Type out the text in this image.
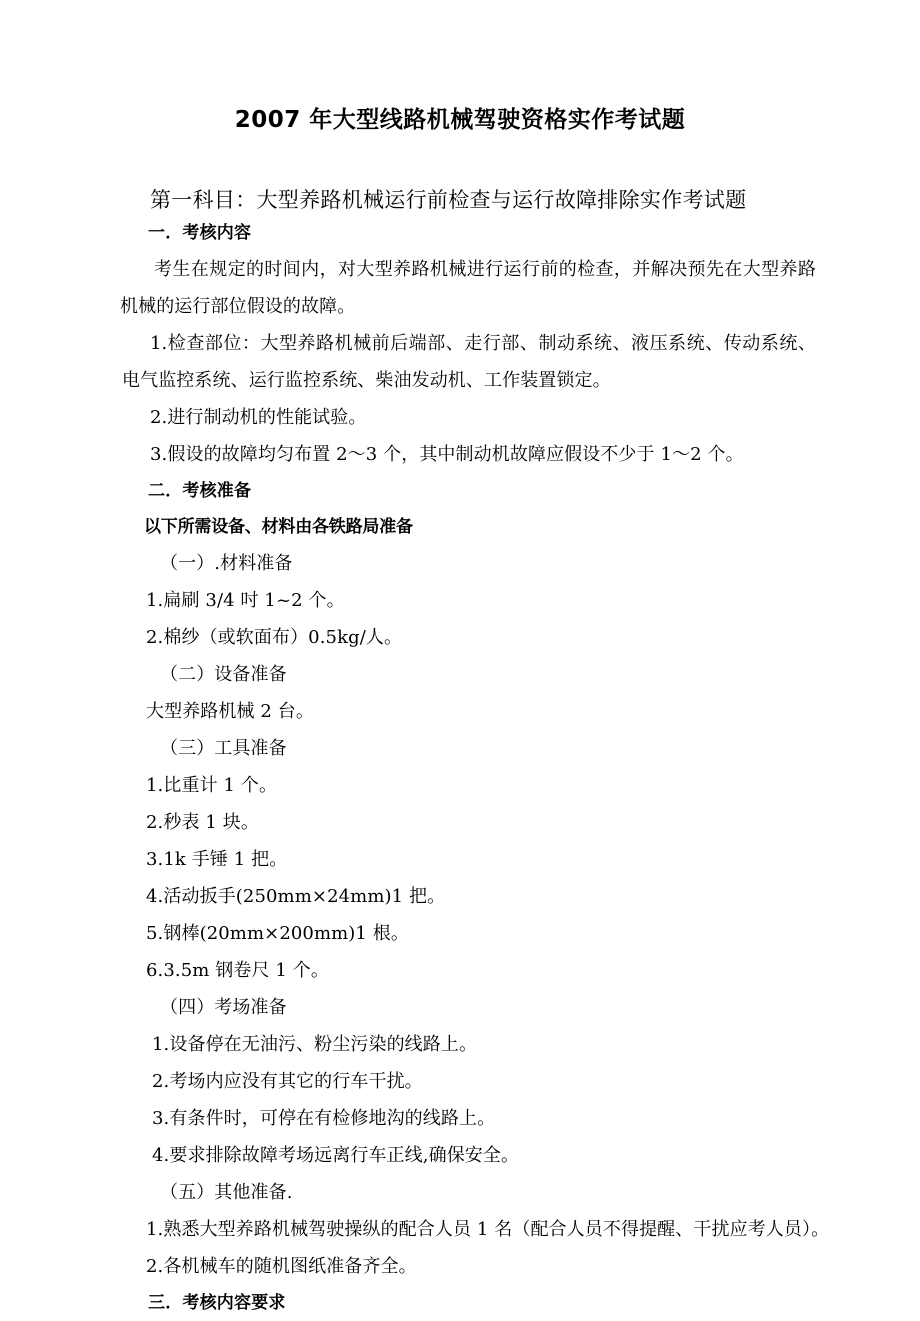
2007 年大型线路机械驾驶资格实作考试题
第一科目：大型养路机械运行前检查与运行故障排除实作考试题
一．考核内容

考生在规定的时间内，对大型养路机械进行运行前的检查，并解决预先在大型养路机械的运行部位假设的故障。

1.检查部位：大型养路机械前后端部、走行部、制动系统、液压系统、传动系统、电气监控系统、运行监控系统、柴油发动机、工作装置锁定。

2.进行制动机的性能试验。

3.假设的故障均匀布置 2～3 个，其中制动机故障应假设不少于 1～2 个。

二．考核准备

以下所需设备、材料由各铁路局准备

（一）.材料准备

1.扁刷 3/4 吋 1~2 个。

2.棉纱（或软面布）0.5kg/人。

（二）设备准备

大型养路机械 2 台。

（三）工具准备

1.比重计 1 个。

2.秒表 1 块。

3.1k 手锤 1 把。

4.活动扳手(250mm×24mm)1 把。

5.钢棒(20mm×200mm)1 根。

6.3.5m 钢卷尺 1 个。

（四）考场准备

1.设备停在无油污、粉尘污染的线路上。

2.考场内应没有其它的行车干扰。

3.有条件时，可停在有检修地沟的线路上。

4.要求排除故障考场远离行车正线,确保安全。

（五）其他准备.

1.熟悉大型养路机械驾驶操纵的配合人员 1 名（配合人员不得提醒、干扰应考人员）。

2.各机械车的随机图纸准备齐全。

三．考核内容要求
